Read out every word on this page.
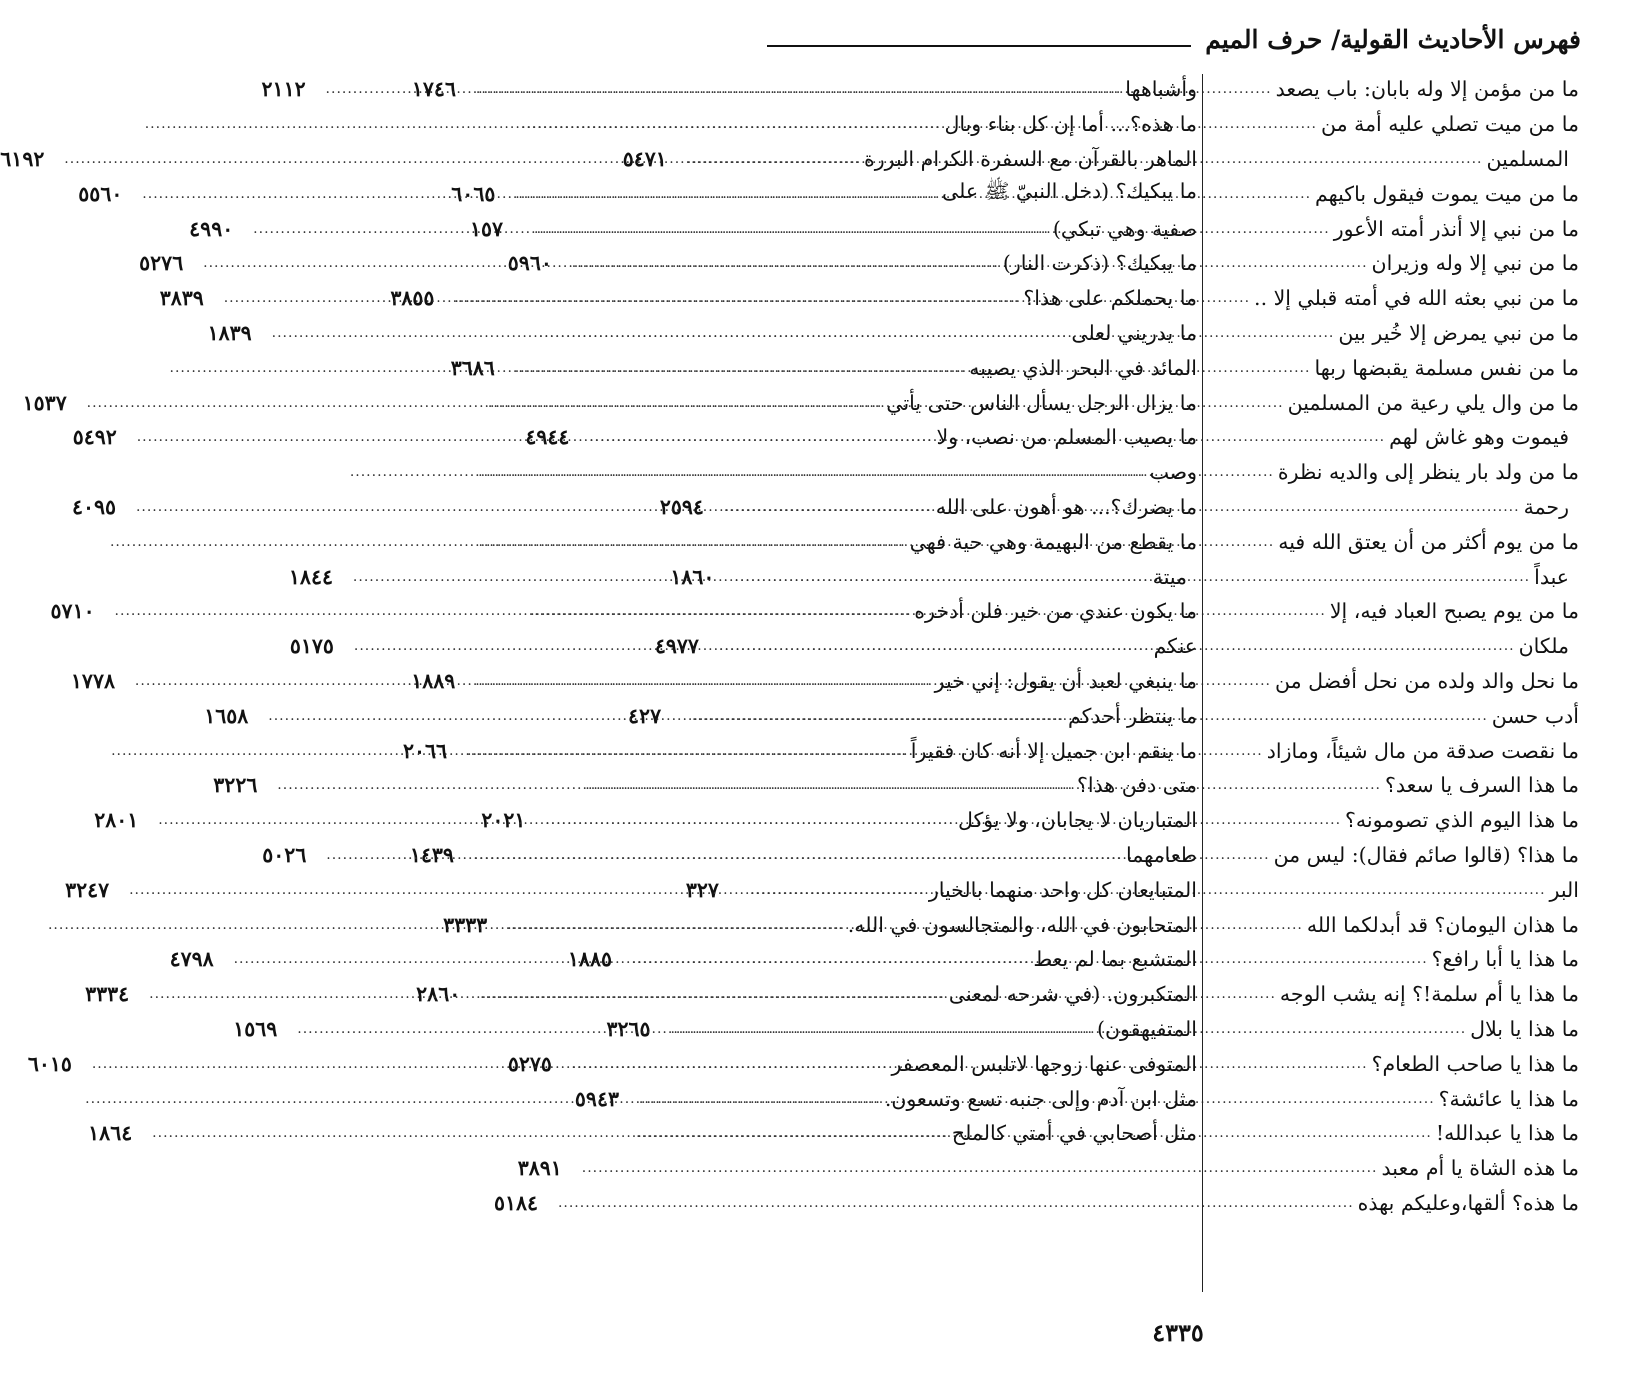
فهرس الأحاديث القولية/ حرف الميم
ما من مؤمن إلا وله بابان: باب يصعد
.....
١٧٤٦
ما من ميت تصلي عليه أمة من
.....
المسلمين
.....
٥٤٧١
ما من ميت يموت فيقول باكيهم
.....
٦٠٦٥
ما من نبي إلا أنذر أمته الأعور
.....
١٥٧
ما من نبي إلا وله وزيران
.....
٥٩٦٠
ما من نبي بعثه الله في أمته قبلي إلا ..
.....
٣٨٥٥
ما من نبي يمرض إلا خُير بين
.....
ما من نفس مسلمة يقبضها ربها
.....
٣٦٨٦
ما من وال يلي رعية من المسلمين
.....
فيموت وهو غاش لهم
.....
٤٩٤٤
ما من ولد بار ينظر إلى والديه نظرة
.....
رحمة
.....
٢٥٩٤
ما من يوم أكثر من أن يعتق الله فيه
.....
عبداً
.....
١٨٦٠
ما من يوم يصبح العباد فيه، إلا
.....
ملكان
.....
٤٩٧٧
ما نحل والد ولده من نحل أفضل من
.....
١٨٨٩
أدب حسن
.....
٤٢٧
ما نقصت صدقة من مال شيئاً، ومازاد
.....
٢٠٦٦
ما هذا السرف يا سعد؟
.....
ما هذا اليوم الذي تصومونه؟
.....
٢٠٢١
ما هذا؟ (قالوا صائم فقال): ليس من
.....
١٤٣٩
البر
.....
٣٢٧
ما هذان اليومان؟ قد أبدلكما الله
.....
٣٣٣٣
ما هذا يا أبا رافع؟
.....
١٨٨٥
ما هذا يا أم سلمة!؟ إنه يشب الوجه
.....
٢٨٦٠
ما هذا يا بلال
.....
٣٢٦٥
ما هذا يا صاحب الطعام؟
.....
٥٢٧٥
ما هذا يا عائشة؟
.....
٥٩٤٣
ما هذا يا عبدالله!
.....
ما هذه الشاة يا أم معبد
.....
٣٨٩١
ما هذه؟ ألقها،وعليكم بهذه
.....
٥١٨٤
وأشباهها
.....
٢١١٢
ما هذه؟... أما إن كل بناء وبال
.....
الماهر بالقرآن مع السفرة الكرام البررة
.....
٦١٩٢
ما يبكيك؟ (دخل النبيّ ﷺ على
.....
٥٥٦٠
صفية وهي تبكي)
.....
٤٩٩٠
ما يبكيك؟ (ذكرت النار)
.....
٥٢٧٦
ما يحملكم على هذا؟
.....
٣٨٣٩
ما يدريني لعلى
.....
١٨٣٩
المائد في البحر الذي يصيبه
.....
ما يزال الرجل يسأل الناس حتى يأتي
.....
١٥٣٧
ما يصيب المسلم من نصب، ولا
.....
٥٤٩٢
وصب
.....
ما يضرك؟... هو أهون على الله
.....
٤٠٩٥
ما يقطع من البهيمة وهي حية فهي
.....
ميتة
.....
١٨٤٤
ما يكون عندي من خير فلن أدخره
.....
٥٧١٠
عنكم
.....
٥١٧٥
ما ينبغي لعبد أن يقول: إني خير
.....
١٧٧٨
ما ينتظر أحدكم
.....
١٦٥٨
ما ينقم ابن جميل إلا أنه كان فقيراً
.....
متى دفن هذا؟
.....
٣٢٢٦
المتباريان لا يجابان، ولا يؤكل
.....
٢٨٠١
طعامهما
.....
٥٠٢٦
المتبايعان كل واحد منهما بالخيار
.....
٣٢٤٧
المتحابون في الله، والمتجالسون في الله.
.....
المتشبع بما لم يعط
.....
٤٧٩٨
المتكبرون. (في شرحه لمعنى
.....
٣٣٣٤
المتفيهقون)
.....
١٥٦٩
المتوفى عنها زوجها لاتلبس المعصفر
.....
٦٠١٥
مثل ابن آدم وإلى جنبه تسع وتسعون.
.....
مثل أصحابي في أمتي كالملح
.....
١٨٦٤
٤٣٣٥
